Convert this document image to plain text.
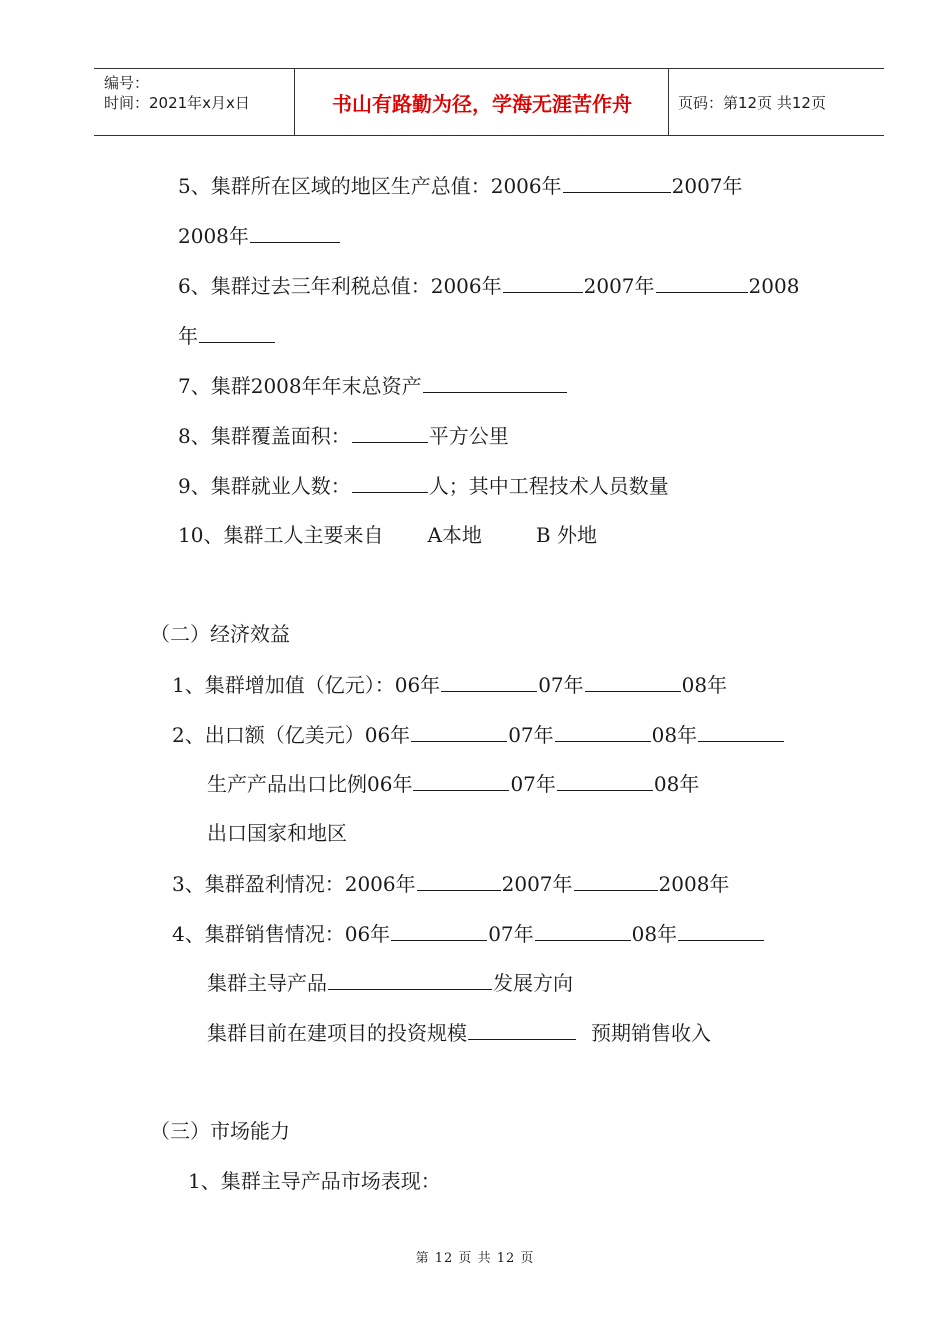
编号：
时间：2021年x月x日	书山有路勤为径，学海无涯苦作舟	页码：第12页 共12页
5、集群所在区域的地区生产总值：2006年	2007年
2008年
6、集群过去三年利税总值：2006年	2007年	2008
年
7、集群2008年年末总资产
8、集群覆盖面积：	平方公里
9、集群就业人数：	人；其中工程技术人员数量
10、集群工人主要来自 A本地	B 外地
（二）经济效益
1、集群增加值（亿元）：06年	07年	08年
2、出口额（亿美元）06年	07年	08年
生产产品出口比例06年	07年	08年
出口国家和地区
3、集群盈利情况：2006年	2007年	2008年
4、集群销售情况：06年	07年	08年
集群主导产品	发展方向
集群目前在建项目的投资规模	预期销售收入
（三）市场能力
1、集群主导产品市场表现：
第 12 页 共 12 页
